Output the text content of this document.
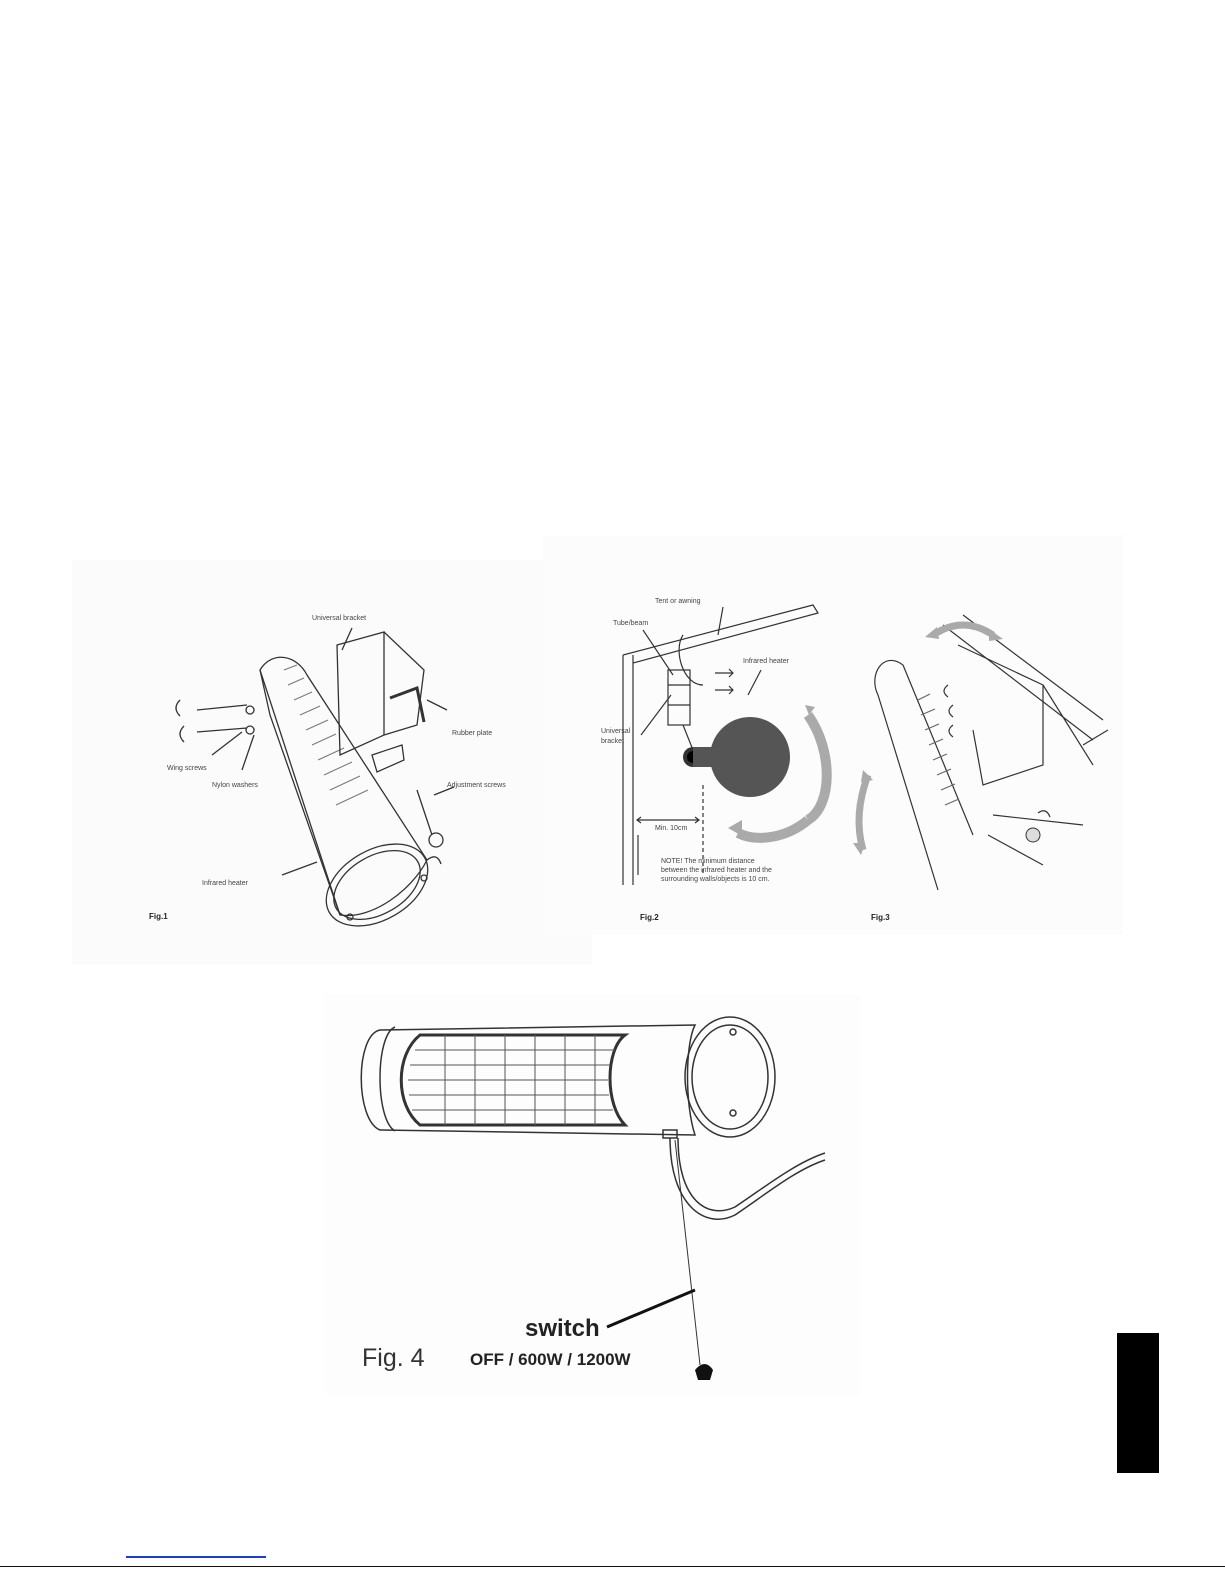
Universal bracket
Rubber plate
Wing screws
Nylon washers	Adjustment screws
Infrared heater
Fig.1
Tent or awning
Tube/beam
Infrared heater
Universal
bracket
Min. 10cm
NOTE! The minimum distance
between the infrared heater and the
surrounding walls/objects is 10 cm.
Fig.2	Fig.3
switch
Fig. 4	OFF / 600W / 1200W
